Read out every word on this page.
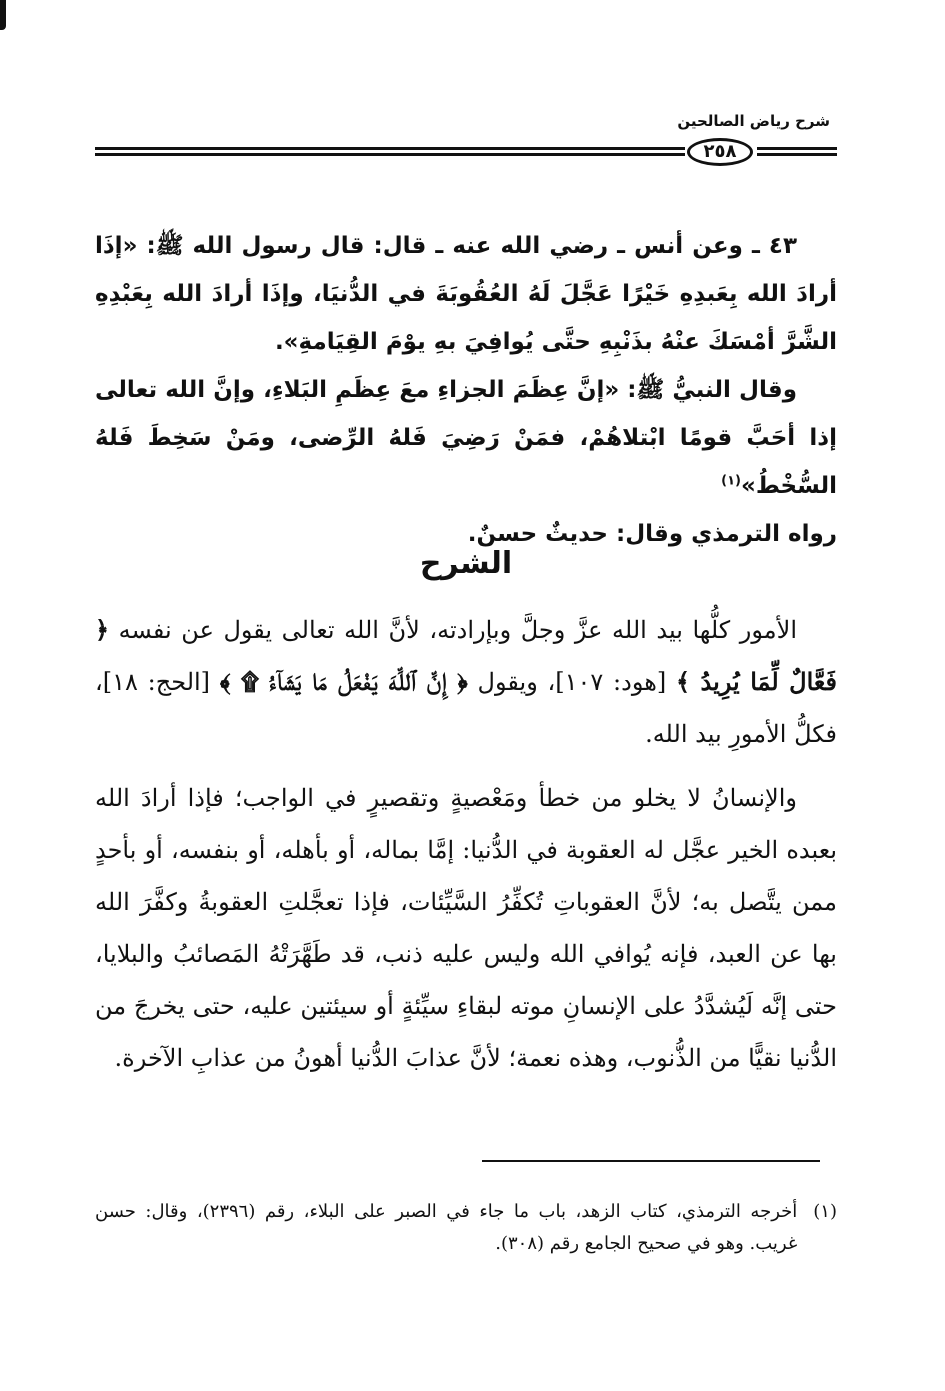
شرح رياض الصالحين
٢٥٨

٤٣ ـ وعن أنس ـ رضي الله عنه ـ قال: قال رسول الله ﷺ: «إذَا أرادَ الله بِعَبدِهِ خَيْرًا عَجَّلَ لَهُ العُقُوبَةَ في الدُّنيَا، وإذَا أرادَ الله بِعَبْدِهِ الشَّرَّ أمْسَكَ عنْهُ بذَنْبِهِ حتَّى يُوافِيَ بهِ يوْمَ القِيَامةِ».

وقال النبيُّ ﷺ: «إنَّ عِظَمَ الجزاءِ معَ عِظَمِ البَلاءِ، وإنَّ الله تعالى إذا أحَبَّ قومًا ابْتلاهُمْ، فمَنْ رَضِيَ فَلهُ الرِّضى، ومَنْ سَخِطَ فَلهُ السُّخْطُ»$^{(١)}$

رواه الترمذي وقال: حديثٌ حسنٌ.

الشرح

الأمور كلُّها بيد الله عزَّ وجلَّ وبإرادته، لأنَّ الله تعالى يقول عن نفسه ﴿ فَعَّالٌ لِّمَا يُرِيدُ ﴾ [هود: ١٠٧]، ويقول ﴿ إِنَّ ٱللَّهَ يَفْعَلُ مَا يَشَآءُ ۩ ﴾ [الحج: ١٨]، فكلُّ الأمورِ بيد الله.

والإنسانُ لا يخلو من خطأ ومَعْصيةٍ وتقصيرٍ في الواجب؛ فإذا أرادَ الله بعبده الخير عجَّل له العقوبة في الدُّنيا: إمَّا بماله، أو بأهله، أو بنفسه، أو بأحدٍ ممن يتَّصل به؛ لأنَّ العقوباتِ تُكفِّرُ السَّيِّئات، فإذا تعجَّلتِ العقوبةُ وكفَّرَ الله بها عن العبد، فإنه يُوافي الله وليس عليه ذنب، قد طَهَّرَتْهُ المَصائبُ والبلايا، حتى إنَّه لَيُشدَّدُ على الإنسانِ موته لبقاءِ سيِّئةٍ أو سيئتين عليه، حتى يخرجَ من الدُّنيا نقيًّا من الذُّنوب، وهذه نعمة؛ لأنَّ عذابَ الدُّنيا أهونُ من عذابِ الآخرة.

(١)
أخرجه الترمذي، كتاب الزهد، باب ما جاء في الصبر على البلاء، رقم (٢٣٩٦)، وقال: حسن غريب. وهو في صحيح الجامع رقم (٣٠٨).
